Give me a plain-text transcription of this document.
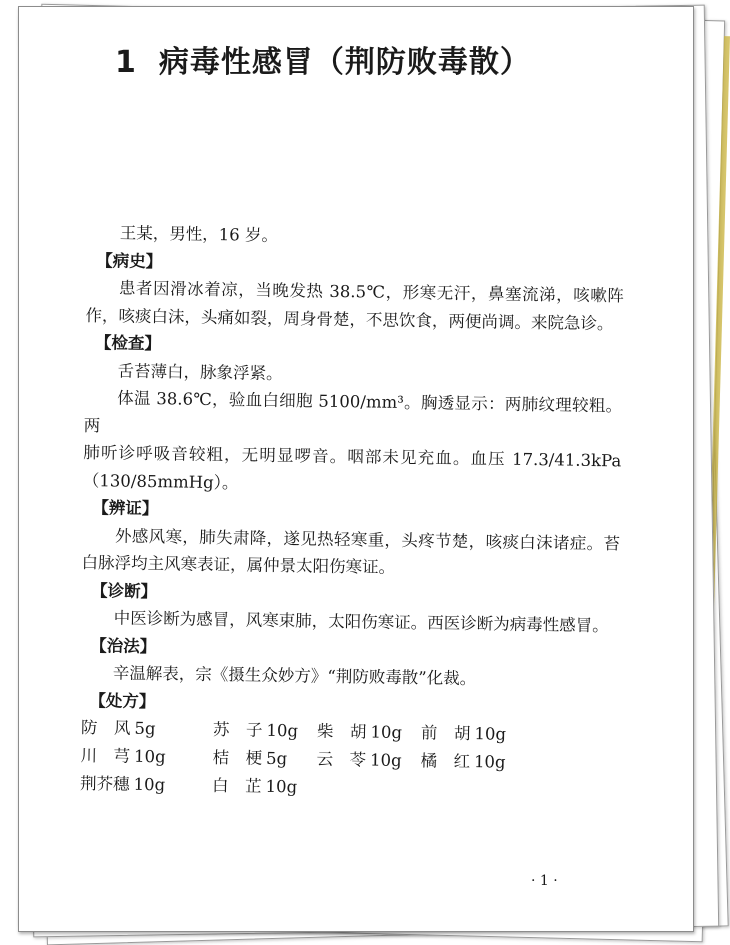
1 病毒性感冒（荆防败毒散）

王某，男性，16 岁。

【病史】

患者因滑冰着凉，当晚发热 38.5℃，形寒无汗，鼻塞流涕，咳嗽阵

作，咳痰白沫，头痛如裂，周身骨楚，不思饮食，两便尚调。来院急诊。

【检查】

舌苔薄白，脉象浮紧。

体温 38.6℃，验血白细胞 5100/mm³。胸透显示：两肺纹理较粗。两

肺听诊呼吸音较粗，无明显啰音。咽部未见充血。血压 17.3/41.3kPa

（130/85mmHg）。

【辨证】

外感风寒，肺失肃降，遂见热轻寒重，头疼节楚，咳痰白沫诸症。苔

白脉浮均主风寒表证，属仲景太阳伤寒证。

【诊断】

中医诊断为感冒，风寒束肺，太阳伤寒证。西医诊断为病毒性感冒。

【治法】

辛温解表，宗《摄生众妙方》“荆防败毒散”化裁。

【处方】

防　风 5g	苏　子 10g	柴　胡 10g	前　胡 10g
川　芎 10g	桔　梗 5g	云　苓 10g	橘　红 10g
荆芥穗 10g	白　芷 10g
· 1 ·
